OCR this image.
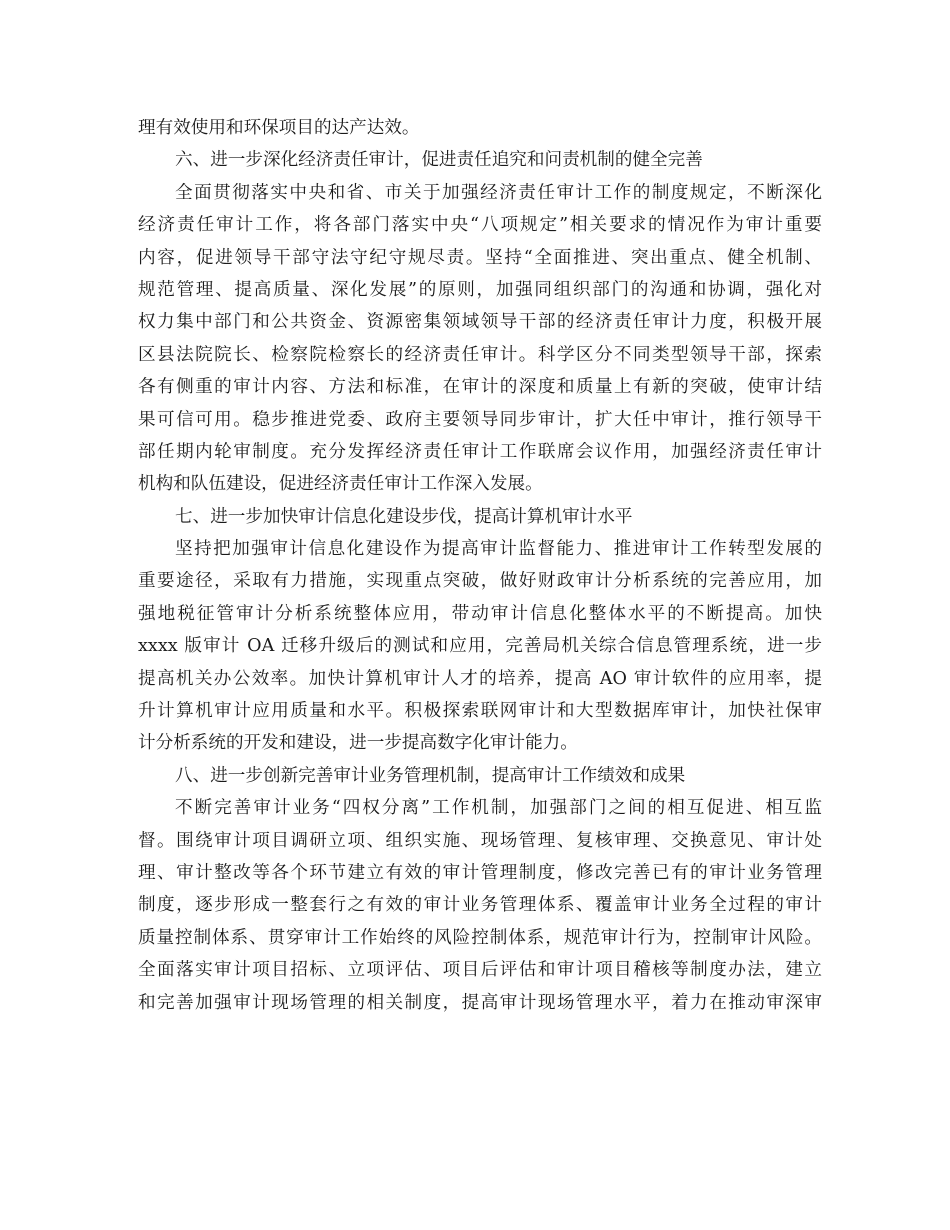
理有效使用和环保项目的达产达效。
六、进一步深化经济责任审计，促进责任追究和问责机制的健全完善
全面贯彻落实中央和省、市关于加强经济责任审计工作的制度规定，不断深化
经济责任审计工作，将各部门落实中央“八项规定”相关要求的情况作为审计重要
内容，促进领导干部守法守纪守规尽责。坚持“全面推进、突出重点、健全机制、
规范管理、提高质量、深化发展”的原则，加强同组织部门的沟通和协调，强化对
权力集中部门和公共资金、资源密集领域领导干部的经济责任审计力度，积极开展
区县法院院长、检察院检察长的经济责任审计。科学区分不同类型领导干部，探索
各有侧重的审计内容、方法和标准，在审计的深度和质量上有新的突破，使审计结
果可信可用。稳步推进党委、政府主要领导同步审计，扩大任中审计，推行领导干
部任期内轮审制度。充分发挥经济责任审计工作联席会议作用，加强经济责任审计
机构和队伍建设，促进经济责任审计工作深入发展。
七、进一步加快审计信息化建设步伐，提高计算机审计水平
坚持把加强审计信息化建设作为提高审计监督能力、推进审计工作转型发展的
重要途径，采取有力措施，实现重点突破，做好财政审计分析系统的完善应用，加
强地税征管审计分析系统整体应用，带动审计信息化整体水平的不断提高。加快
xxxx 版审计 OA 迁移升级后的测试和应用，完善局机关综合信息管理系统，进一步
提高机关办公效率。加快计算机审计人才的培养，提高 AO 审计软件的应用率，提
升计算机审计应用质量和水平。积极探索联网审计和大型数据库审计，加快社保审
计分析系统的开发和建设，进一步提高数字化审计能力。
八、进一步创新完善审计业务管理机制，提高审计工作绩效和成果
不断完善审计业务“四权分离”工作机制，加强部门之间的相互促进、相互监
督。围绕审计项目调研立项、组织实施、现场管理、复核审理、交换意见、审计处
理、审计整改等各个环节建立有效的审计管理制度，修改完善已有的审计业务管理
制度，逐步形成一整套行之有效的审计业务管理体系、覆盖审计业务全过程的审计
质量控制体系、贯穿审计工作始终的风险控制体系，规范审计行为，控制审计风险。
全面落实审计项目招标、立项评估、项目后评估和审计项目稽核等制度办法，建立
和完善加强审计现场管理的相关制度，提高审计现场管理水平，着力在推动审深审
